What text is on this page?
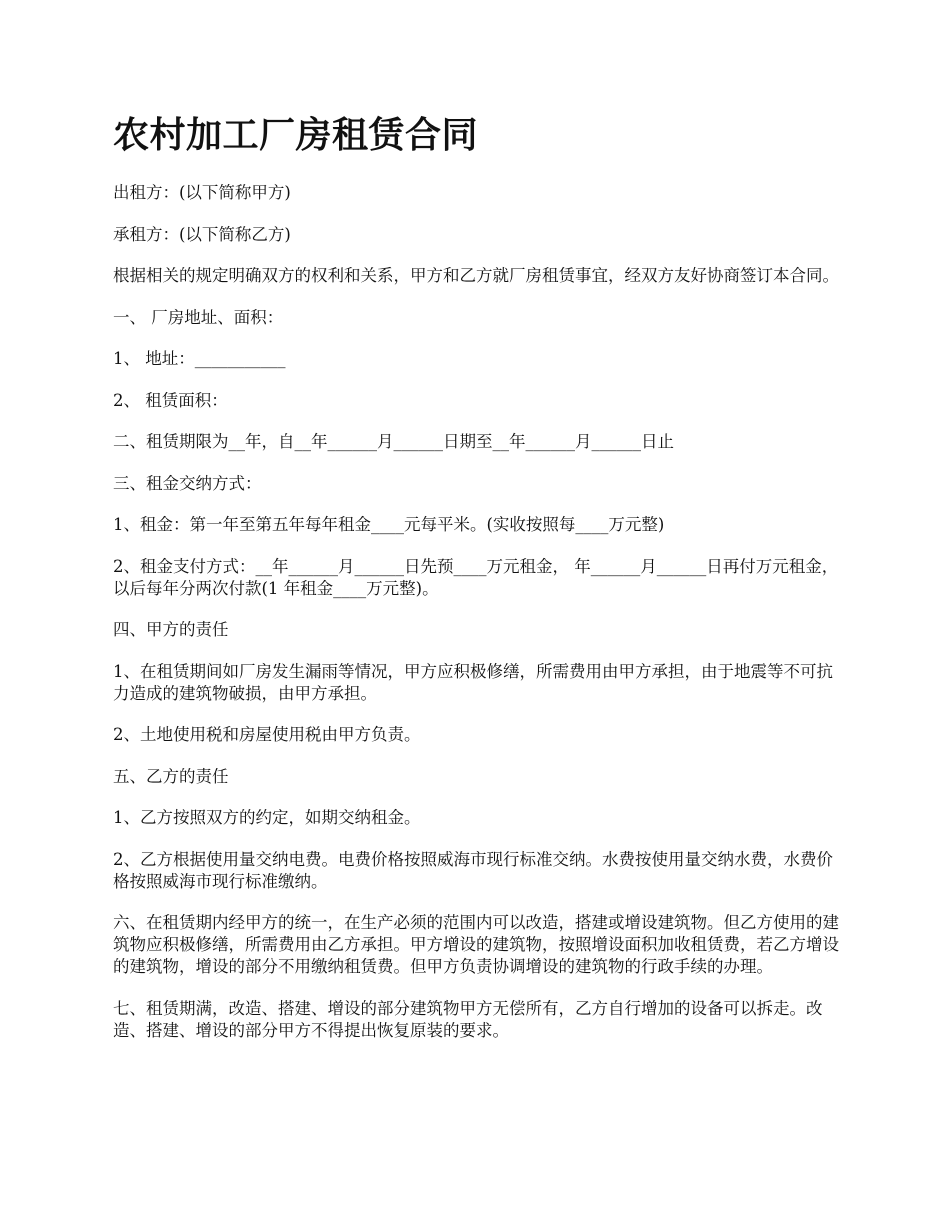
农村加工厂房租赁合同

出租方：(以下简称甲方)

承租方：(以下简称乙方)

根据相关的规定明确双方的权利和关系，甲方和乙方就厂房租赁事宜，经双方友好协商签订本合同。

一、 厂房地址、面积：

1、 地址：___________

2、 租赁面积：

二、租赁期限为__年，自__年______月______日期至__年______月______日止

三、租金交纳方式：

1、租金：第一年至第五年每年租金____元每平米。(实收按照每____万元整)

2、租金支付方式：__年______月______日先预____万元租金， 年______月______日再付万元租金，以后每年分两次付款(1 年租金____万元整)。

四、甲方的责任

1、在租赁期间如厂房发生漏雨等情况，甲方应积极修缮，所需费用由甲方承担，由于地震等不可抗力造成的建筑物破损，由甲方承担。

2、土地使用税和房屋使用税由甲方负责。

五、乙方的责任

1、乙方按照双方的约定，如期交纳租金。

2、乙方根据使用量交纳电费。电费价格按照威海市现行标准交纳。水费按使用量交纳水费，水费价格按照威海市现行标准缴纳。

六、在租赁期内经甲方的统一，在生产必须的范围内可以改造，搭建或增设建筑物。但乙方使用的建筑物应积极修缮，所需费用由乙方承担。甲方增设的建筑物，按照增设面积加收租赁费，若乙方增设的建筑物，增设的部分不用缴纳租赁费。但甲方负责协调增设的建筑物的行政手续的办理。

七、租赁期满，改造、搭建、增设的部分建筑物甲方无偿所有，乙方自行增加的设备可以拆走。改造、搭建、增设的部分甲方不得提出恢复原装的要求。
